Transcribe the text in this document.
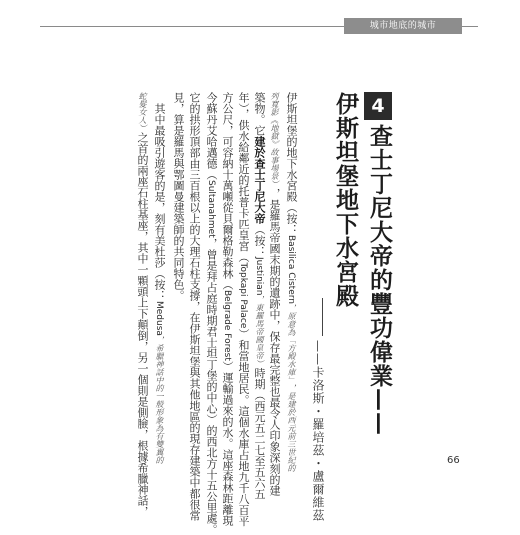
城市地底的城市
4
查士丁尼大帝的豐功偉業——
伊斯坦堡地下水宮殿
——卡洛斯・羅培茲・盧爾維茲
伊斯坦堡的地下水宮殿（按：Basilica Cistern，原意為「方殿水庫」，是建於西元前三世紀的
列寬影《地獄》故事場景），是羅馬帝國末期的遺跡中，保存最完整也最令人印象深刻的建
築物。它建於查士丁尼大帝（按：Justinian，東羅馬帝國皇帝）時期（西元五二七至五六五
年），供水給鄰近的托普卡匹皇宮（Topkapi Palace）和當地居民。這個水庫占地九千八百平
方公尺，可容納十萬噸從貝爾格勒森林（Belgrade Forest）運輸過來的水。這座森林距離現
今蘇丹艾哈邁德（Sultanahmet，曾是拜占庭時期君士坦丁堡的中心）的西北方十五公里處。
它的拱形頂部由三百根以上的大理石柱支撐，在伊斯坦堡與其他地區的現存建築中都很常
見，算是羅馬與鄂圖曼建築師的共同特色。
　其中最吸引遊客的是，刻有美杜莎（按：Medusa，希臘神話中的一般形象為有雙翼的
蛇髮女人）之首的兩座石柱基座，其中一顆頭上下顛倒，另一個則是側臉，根據希臘神話，	66
